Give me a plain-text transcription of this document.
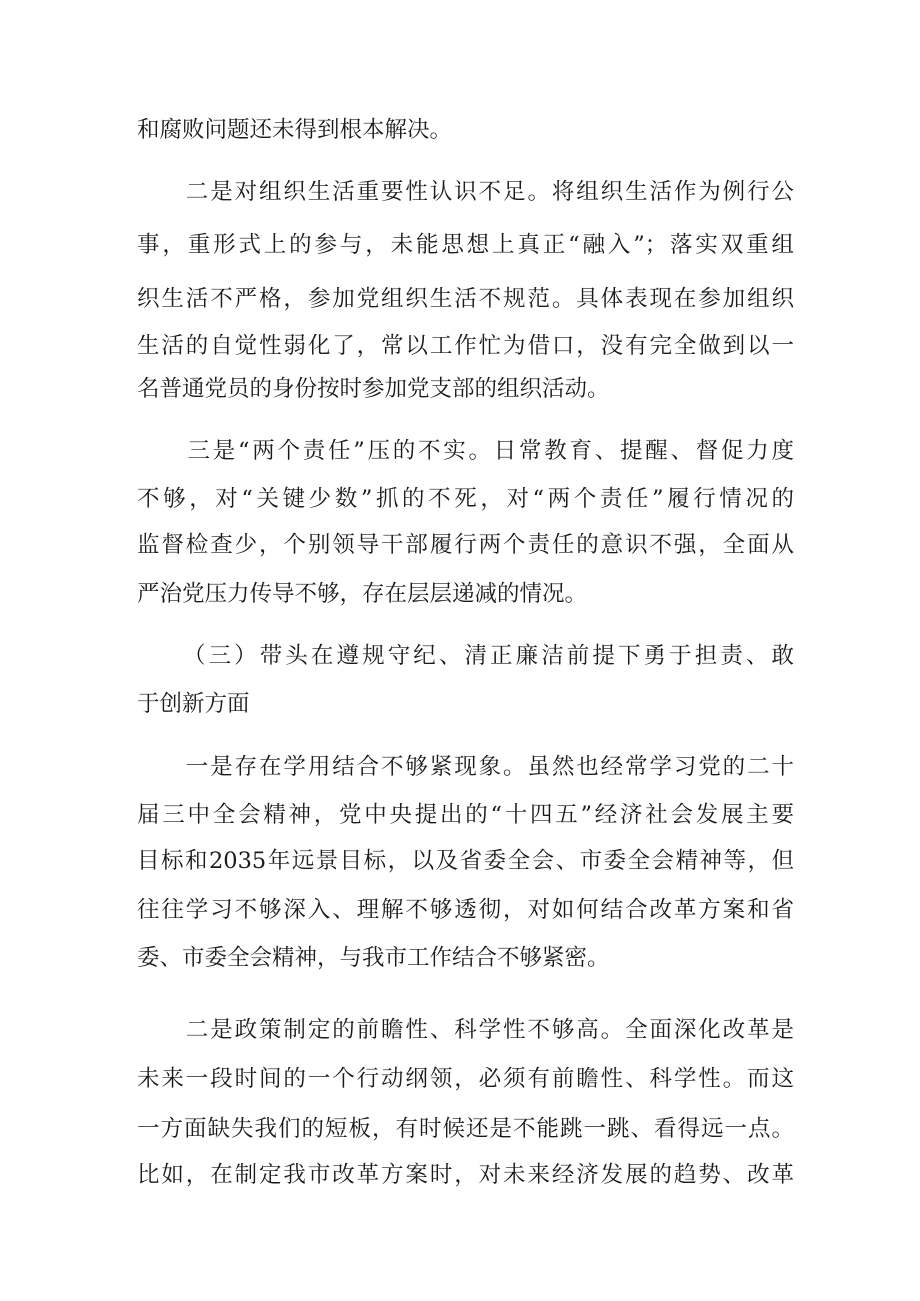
和腐败问题还未得到根本解决。
　　二是对组织生活重要性认识不足。将组织生活作为例行公
事，重形式上的参与，未能思想上真正“融入”；落实双重组
织生活不严格，参加党组织生活不规范。具体表现在参加组织
生活的自觉性弱化了，常以工作忙为借口，没有完全做到以一
名普通党员的身份按时参加党支部的组织活动。
　　三是“两个责任”压的不实。日常教育、提醒、督促力度
不够，对“关键少数”抓的不死，对“两个责任”履行情况的
监督检查少，个别领导干部履行两个责任的意识不强，全面从
严治党压力传导不够，存在层层递减的情况。
（三）带头在遵规守纪、清正廉洁前提下勇于担责、敢
于创新方面
　　一是存在学用结合不够紧现象。虽然也经常学习党的二十
届三中全会精神，党中央提出的“十四五”经济社会发展主要
目标和2035年远景目标，以及省委全会、市委全会精神等，但
往往学习不够深入、理解不够透彻，对如何结合改革方案和省
委、市委全会精神，与我市工作结合不够紧密。
　　二是政策制定的前瞻性、科学性不够高。全面深化改革是
未来一段时间的一个行动纲领，必须有前瞻性、科学性。而这
一方面缺失我们的短板，有时候还是不能跳一跳、看得远一点。
比如，在制定我市改革方案时，对未来经济发展的趋势、改革
